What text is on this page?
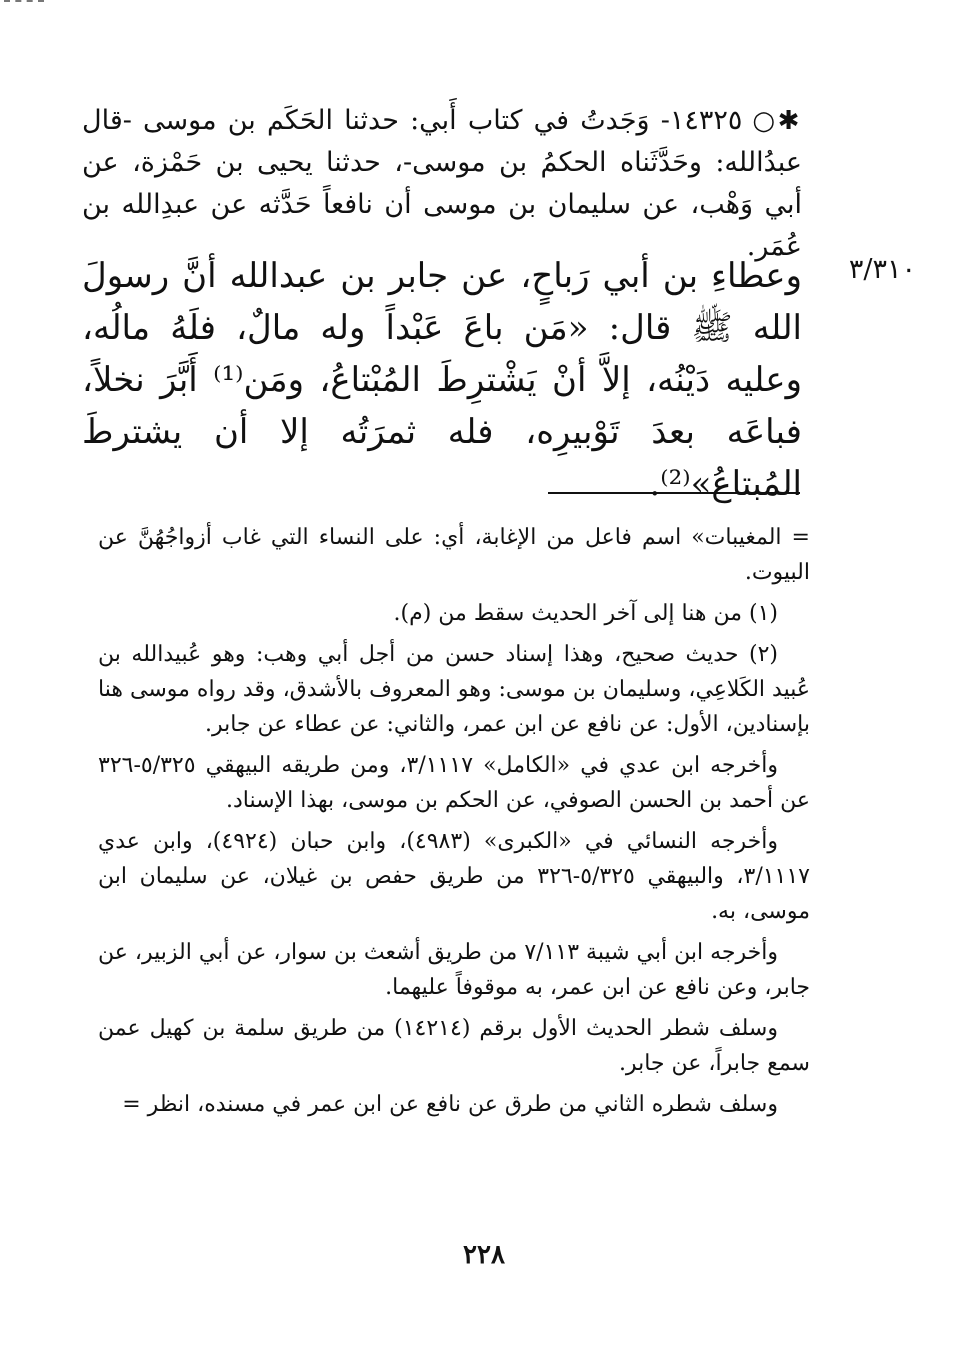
✱○١٤٣٢٥- وَجَدتُ في كتاب أَبي: حدثنا الحَكَم بن موسى -قال عبدُالله: وحَدَّثَناه الحكمُ بن موسى-، حدثنا يحيى بن حَمْزة، عن أبي وَهْب، عن سليمان بن موسى أن نافعاً حَدَّثه عن عبدِالله بن عُمَر.
٣/٣١٠
وعطاءِ بن أبي رَباحٍ، عن جابر بن عبدالله أنَّ رسولَ الله ﷺ قال: «مَن باعَ عَبْداً وله مالٌ، فلَهُ مالُه، وعليه دَيْنُه، إلاَّ أنْ يَشْترِطَ المُبْتاعُ، ومَن⁽¹⁾ أَبَّرَ نخلاً، فباعَه بعدَ تَوْبيرِه، فله ثمرَتُه إلا أن يشترطَ المُبتاعُ»⁽²⁾.

= المغيبات» اسم فاعل من الإغابة، أي: على النساء التي غاب أزواجُهُنَّ عن البيوت.

(١) من هنا إلى آخر الحديث سقط من (م).

(٢) حديث صحيح، وهذا إسناد حسن من أجل أبي وهب: وهو عُبيدالله بن عُبيد الكَلاعِي، وسليمان بن موسى: وهو المعروف بالأشدق، وقد رواه موسى هنا بإسنادين، الأول: عن نافع عن ابن عمر، والثاني: عن عطاء عن جابر.

وأخرجه ابن عدي في «الكامل» ٣/١١١٧، ومن طريقه البيهقي ٥/٣٢٥-٣٢٦ عن أحمد بن الحسن الصوفي، عن الحكم بن موسى، بهذا الإسناد.

وأخرجه النسائي في «الكبرى» (٤٩٨٣)، وابن حبان (٤٩٢٤)، وابن عدي ٣/١١١٧، والبيهقي ٥/٣٢٥-٣٢٦ من طريق حفص بن غيلان، عن سليمان ابن موسى، به.

وأخرجه ابن أبي شيبة ٧/١١٣ من طريق أشعث بن سوار، عن أبي الزبير، عن جابر، وعن نافع عن ابن عمر، به موقوفاً عليهما.

وسلف شطر الحديث الأول برقم (١٤٢١٤) من طريق سلمة بن كهيل عمن سمع جابراً، عن جابر.

وسلف شطره الثاني من طرق عن نافع عن ابن عمر في مسنده، انظر =

٢٢٨
